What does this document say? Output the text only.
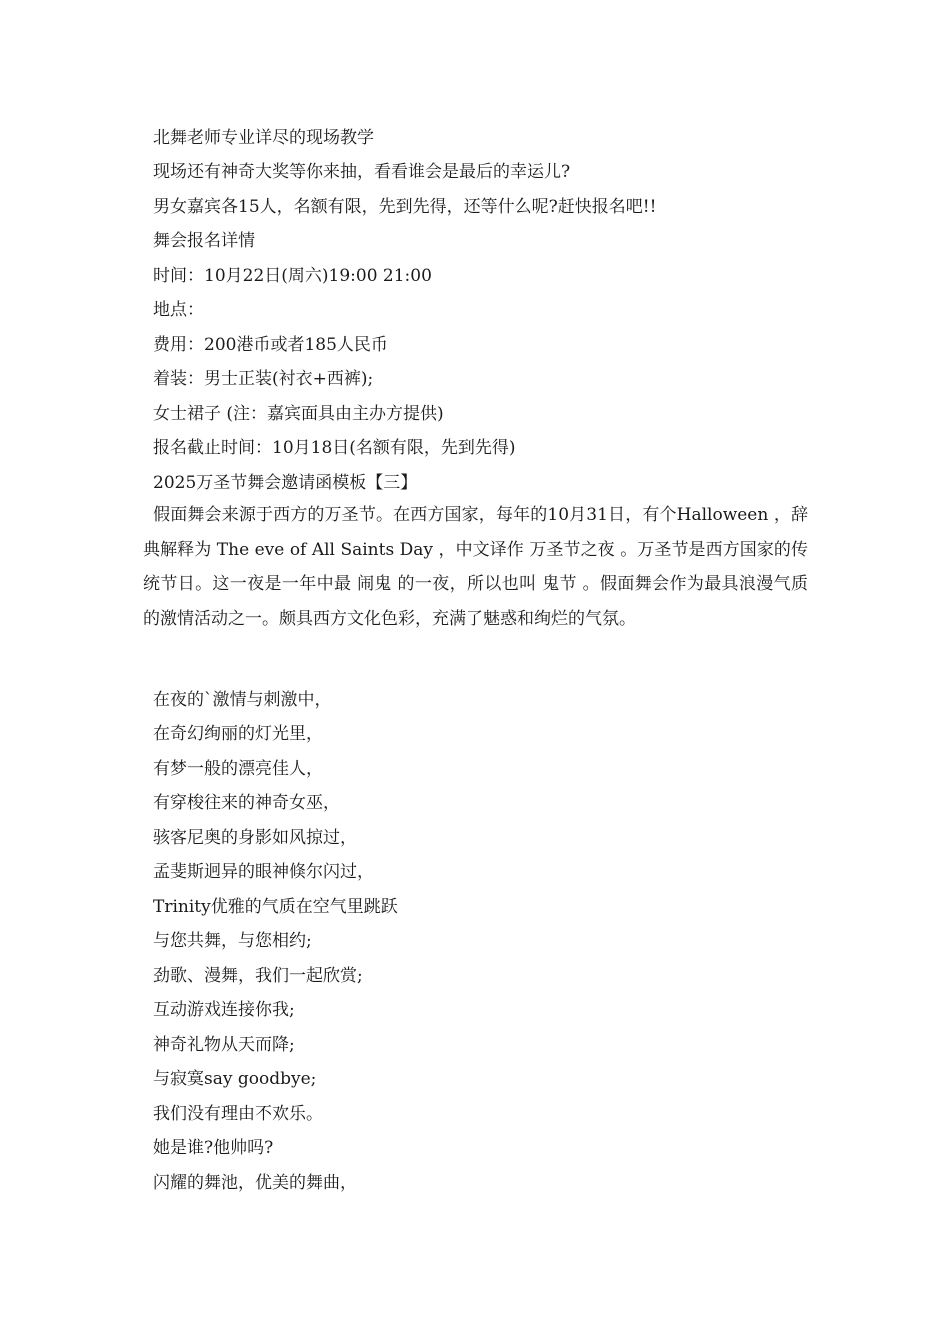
北舞老师专业详尽的现场教学
现场还有神奇大奖等你来抽，看看谁会是最后的幸运儿?
男女嘉宾各15人，名额有限，先到先得，还等什么呢?赶快报名吧!!
舞会报名详情
时间：10月22日(周六)19:00 21:00
地点：
费用：200港币或者185人民币
着装：男士正装(衬衣+西裤);
女士裙子 (注：嘉宾面具由主办方提供)
报名截止时间：10月18日(名额有限，先到先得)
2025万圣节舞会邀请函模板【三】
假面舞会来源于西方的万圣节。在西方国家，每年的10月31日，有个Halloween ，辞典解释为 The eve of All Saints Day ，中文译作 万圣节之夜 。万圣节是西方国家的传统节日。这一夜是一年中最 闹鬼 的一夜，所以也叫 鬼节 。假面舞会作为最具浪漫气质的激情活动之一。颇具西方文化色彩，充满了魅惑和绚烂的气氛。
在夜的`激情与刺激中，
在奇幻绚丽的灯光里，
有梦一般的漂亮佳人，
有穿梭往来的神奇女巫，
骇客尼奥的身影如风掠过，
孟斐斯迥异的眼神倏尔闪过，
Trinity优雅的气质在空气里跳跃
与您共舞，与您相约;
劲歌、漫舞，我们一起欣赏;
互动游戏连接你我;
神奇礼物从天而降;
与寂寞say goodbye;
我们没有理由不欢乐。
她是谁?他帅吗?
闪耀的舞池，优美的舞曲，
